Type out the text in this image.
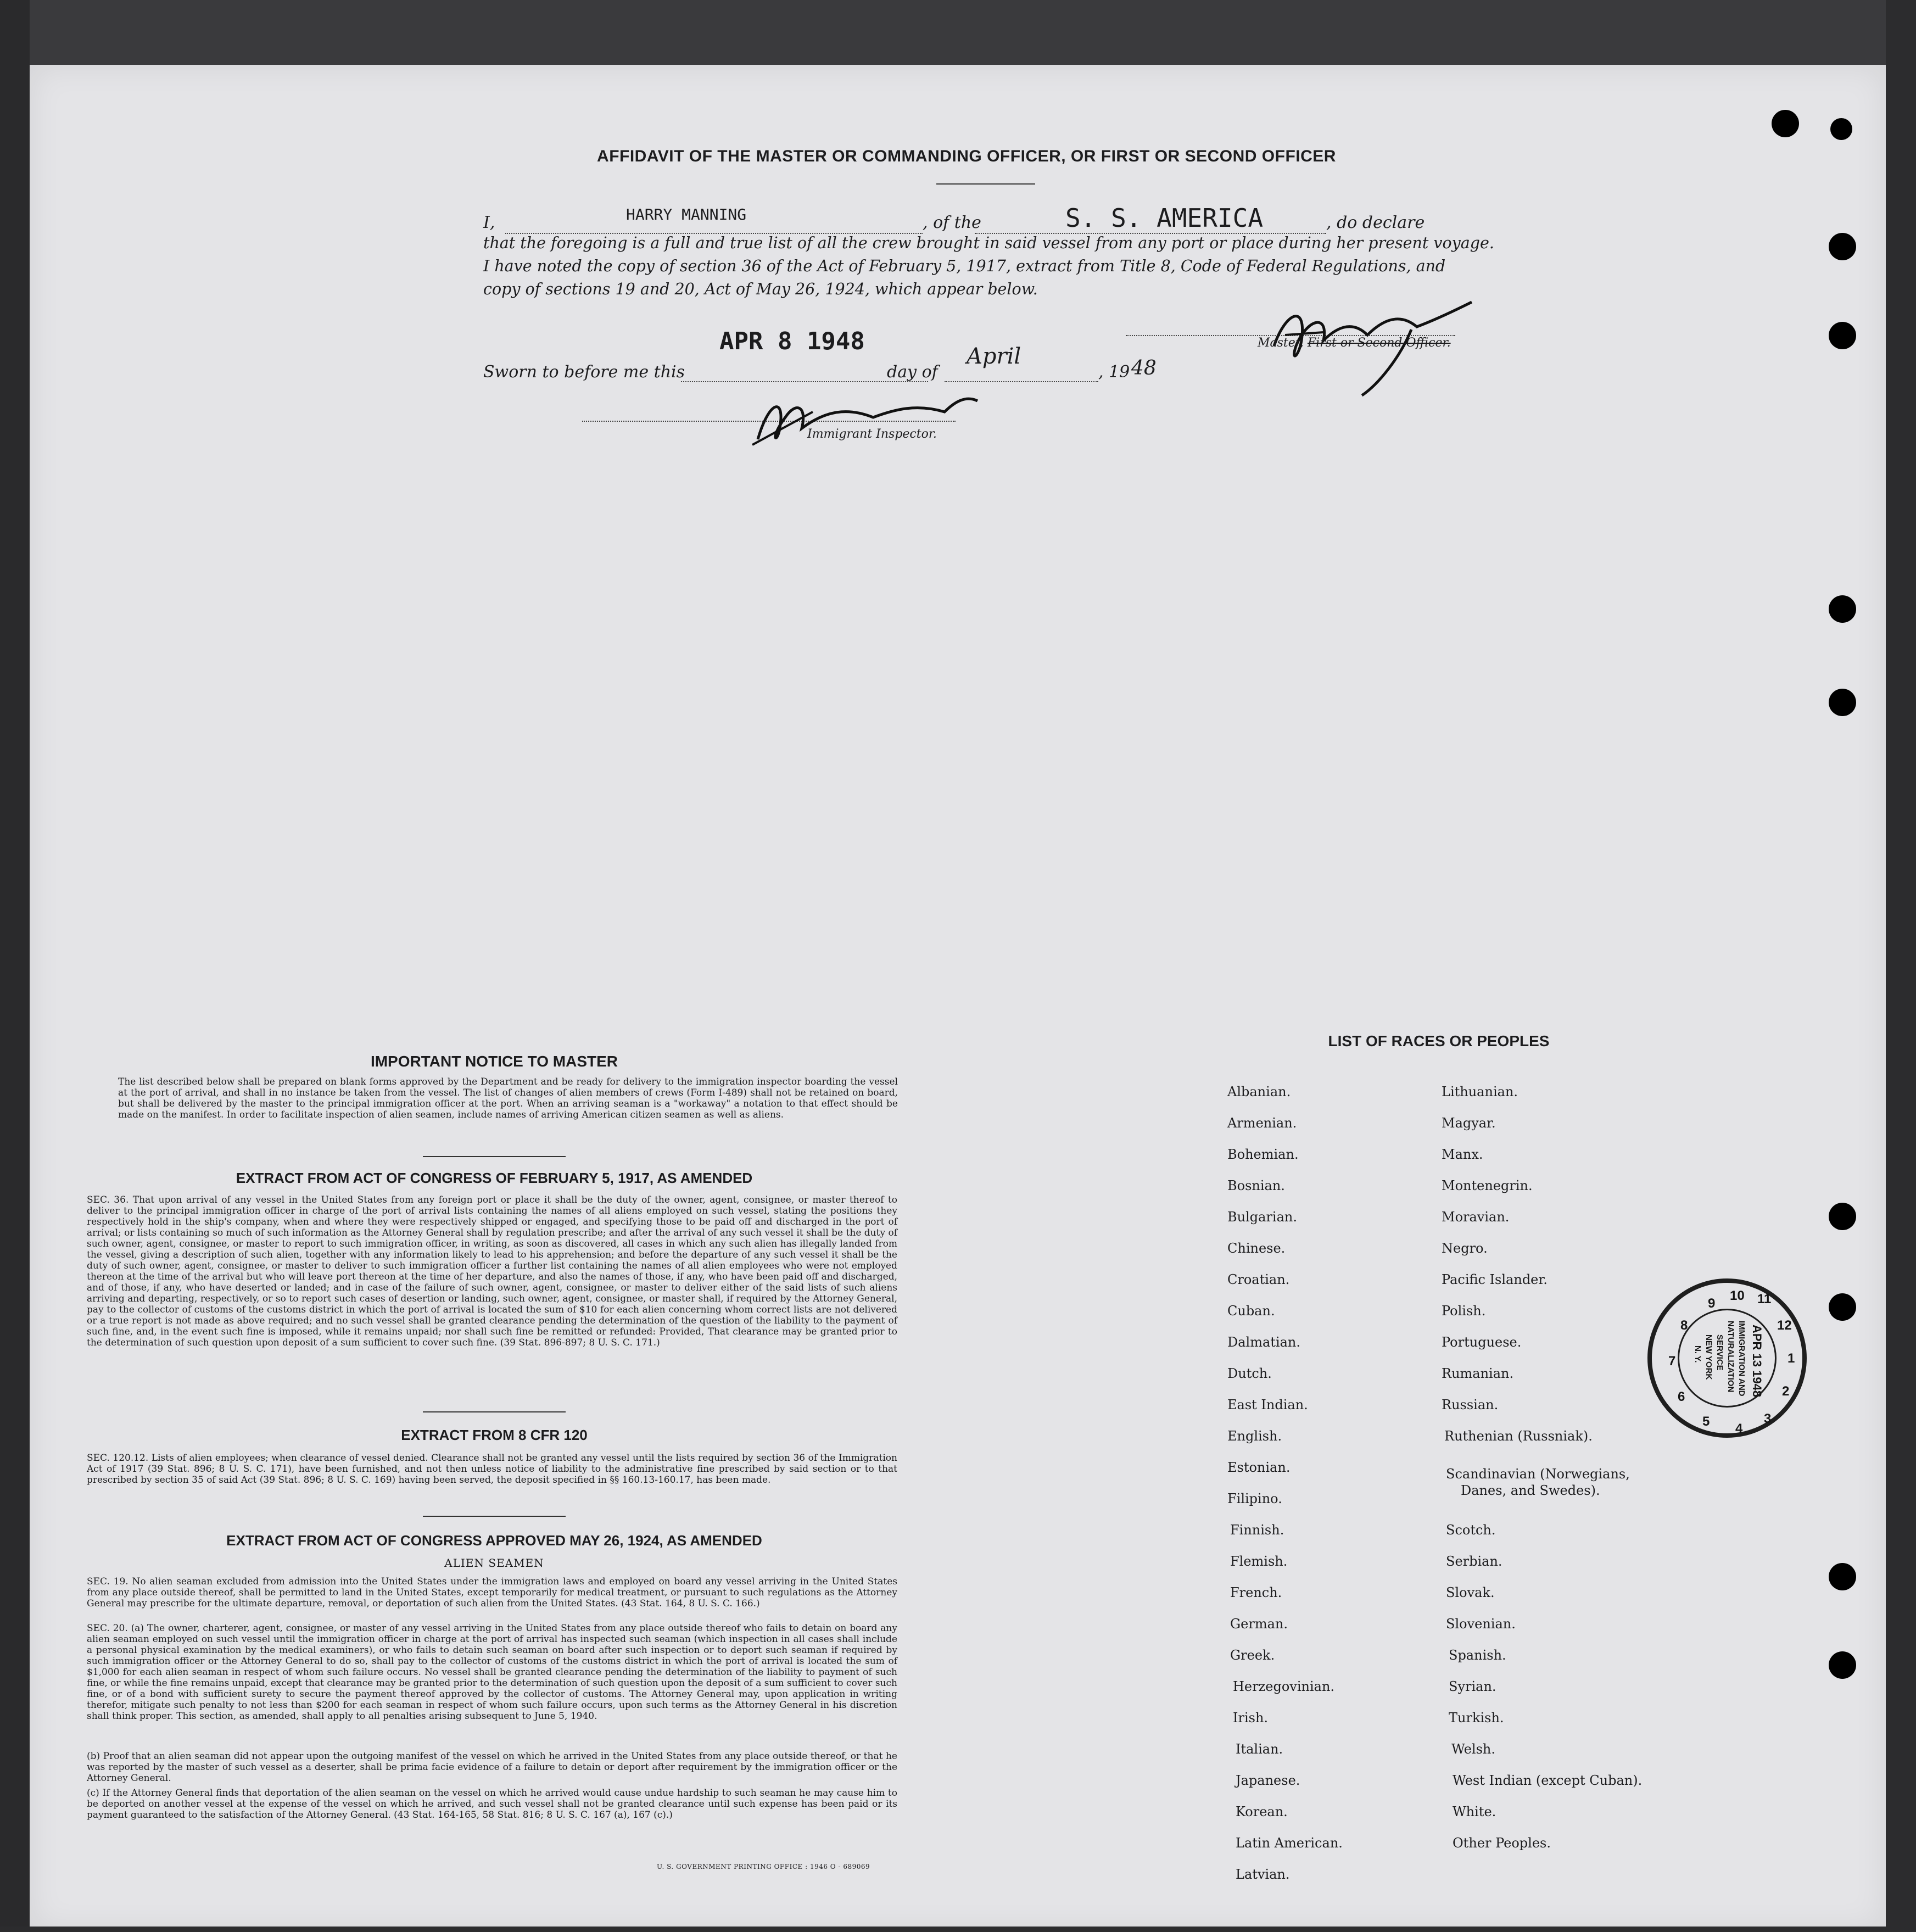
AFFIDAVIT OF THE MASTER OR COMMANDING OFFICER, OR FIRST OR SECOND OFFICER
I,	HARRY MANNING	, of the	S. S. AMERICA	, do declare
that the foregoing is a full and true list of all the crew brought in said vessel from any port or place during her present voyage.
I have noted the copy of section 36 of the Act of February 5, 1917, extract from Title 8, Code of Federal Regulations, and
copy of sections 19 and 20, Act of May 26, 1924, which appear below.
Master, First or Second Officer.
APR 8 1948
Sworn to before me this	day of
April
, 19 48
Immigrant Inspector.
IMPORTANT NOTICE TO MASTER
The list described below shall be prepared on blank forms approved by the Department and be ready for delivery to the immigration inspector boarding the vessel at the port of arrival, and shall in no instance be taken from the vessel. The list of changes of alien members of crews (Form I-489) shall not be retained on board, but shall be delivered by the master to the principal immigration officer at the port. When an arriving seaman is a "workaway" a notation to that effect should be made on the manifest. In order to facilitate inspection of alien seamen, include names of arriving American citizen seamen as well as aliens.
EXTRACT FROM ACT OF CONGRESS OF FEBRUARY 5, 1917, AS AMENDED
SEC. 36. That upon arrival of any vessel in the United States from any foreign port or place it shall be the duty of the owner, agent, consignee, or master thereof to deliver to the principal immigration officer in charge of the port of arrival lists containing the names of all aliens employed on such vessel, stating the positions they respectively hold in the ship's company, when and where they were respectively shipped or engaged, and specifying those to be paid off and discharged in the port of arrival; or lists containing so much of such information as the Attorney General shall by regulation prescribe; and after the arrival of any such vessel it shall be the duty of such owner, agent, consignee, or master to report to such immigration officer, in writing, as soon as discovered, all cases in which any such alien has illegally landed from the vessel, giving a description of such alien, together with any information likely to lead to his apprehension; and before the departure of any such vessel it shall be the duty of such owner, agent, consignee, or master to deliver to such immigration officer a further list containing the names of all alien employees who were not employed thereon at the time of the arrival but who will leave port thereon at the time of her departure, and also the names of those, if any, who have been paid off and discharged, and of those, if any, who have deserted or landed; and in case of the failure of such owner, agent, consignee, or master to deliver either of the said lists of such aliens arriving and departing, respectively, or so to report such cases of desertion or landing, such owner, agent, consignee, or master shall, if required by the Attorney General, pay to the collector of customs of the customs district in which the port of arrival is located the sum of $10 for each alien concerning whom correct lists are not delivered or a true report is not made as above required; and no such vessel shall be granted clearance pending the determination of the question of the liability to the payment of such fine, and, in the event such fine is imposed, while it remains unpaid; nor shall such fine be remitted or refunded: Provided, That clearance may be granted prior to the determination of such question upon deposit of a sum sufficient to cover such fine. (39 Stat. 896-897; 8 U. S. C. 171.)
EXTRACT FROM 8 CFR 120
SEC. 120.12. Lists of alien employees; when clearance of vessel denied. Clearance shall not be granted any vessel until the lists required by section 36 of the Immigration Act of 1917 (39 Stat. 896; 8 U. S. C. 171), have been furnished, and not then unless notice of liability to the administrative fine prescribed by said section or to that prescribed by section 35 of said Act (39 Stat. 896; 8 U. S. C. 169) having been served, the deposit specified in §§ 160.13-160.17, has been made.
EXTRACT FROM ACT OF CONGRESS APPROVED MAY 26, 1924, AS AMENDED
ALIEN SEAMEN
SEC. 19. No alien seaman excluded from admission into the United States under the immigration laws and employed on board any vessel arriving in the United States from any place outside thereof, shall be permitted to land in the United States, except temporarily for medical treatment, or pursuant to such regulations as the Attorney General may prescribe for the ultimate departure, removal, or deportation of such alien from the United States. (43 Stat. 164, 8 U. S. C. 166.)
SEC. 20. (a) The owner, charterer, agent, consignee, or master of any vessel arriving in the United States from any place outside thereof who fails to detain on board any alien seaman employed on such vessel until the immigration officer in charge at the port of arrival has inspected such seaman (which inspection in all cases shall include a personal physical examination by the medical examiners), or who fails to detain such seaman on board after such inspection or to deport such seaman if required by such immigration officer or the Attorney General to do so, shall pay to the collector of customs of the customs district in which the port of arrival is located the sum of $1,000 for each alien seaman in respect of whom such failure occurs. No vessel shall be granted clearance pending the determination of the liability to payment of such fine, or while the fine remains unpaid, except that clearance may be granted prior to the determination of such question upon the deposit of a sum sufficient to cover such fine, or of a bond with sufficient surety to secure the payment thereof approved by the collector of customs. The Attorney General may, upon application in writing therefor, mitigate such penalty to not less than $200 for each seaman in respect of whom such failure occurs, upon such terms as the Attorney General in his discretion shall think proper. This section, as amended, shall apply to all penalties arising subsequent to June 5, 1940.
(b) Proof that an alien seaman did not appear upon the outgoing manifest of the vessel on which he arrived in the United States from any place outside thereof, or that he was reported by the master of such vessel as a deserter, shall be prima facie evidence of a failure to detain or deport after requirement by the immigration officer or the Attorney General.
(c) If the Attorney General finds that deportation of the alien seaman on the vessel on which he arrived would cause undue hardship to such seaman he may cause him to be deported on another vessel at the expense of the vessel on which he arrived, and such vessel shall not be granted clearance until such expense has been paid or its payment guaranteed to the satisfaction of the Attorney General. (43 Stat. 164-165, 58 Stat. 816; 8 U. S. C. 167 (a), 167 (c).)
U. S. GOVERNMENT PRINTING OFFICE : 1946 O - 689069
LIST OF RACES OR PEOPLES
Albanian.
Armenian.
Bohemian.
Bosnian.
Bulgarian.
Chinese.
Croatian.
Cuban.
Dalmatian.
Dutch.
East Indian.
English.
Estonian.
Filipino.
Finnish.
Flemish.
French.
German.
Greek.
Herzegovinian.
Irish.
Italian.
Japanese.
Korean.
Latin American.
Latvian.
Lithuanian.
Magyar.
Manx.
Montenegrin.
Moravian.
Negro.
Pacific Islander.
Polish.
Portuguese.
Rumanian.
Russian.
Ruthenian (Russniak).
Scandinavian (Norwegians,
Danes, and Swedes).
Scotch.
Serbian.
Slovak.
Slovenian.
Spanish.
Syrian.
Turkish.
Welsh.
West Indian (except Cuban).
White.
Other Peoples.
9
10 11
12
1
2
3
4
5
6
7
8	APR 13 1948
IMMIGRATION AND
NATURALIZATION
SERVICE
NEW YORK
N. Y.
